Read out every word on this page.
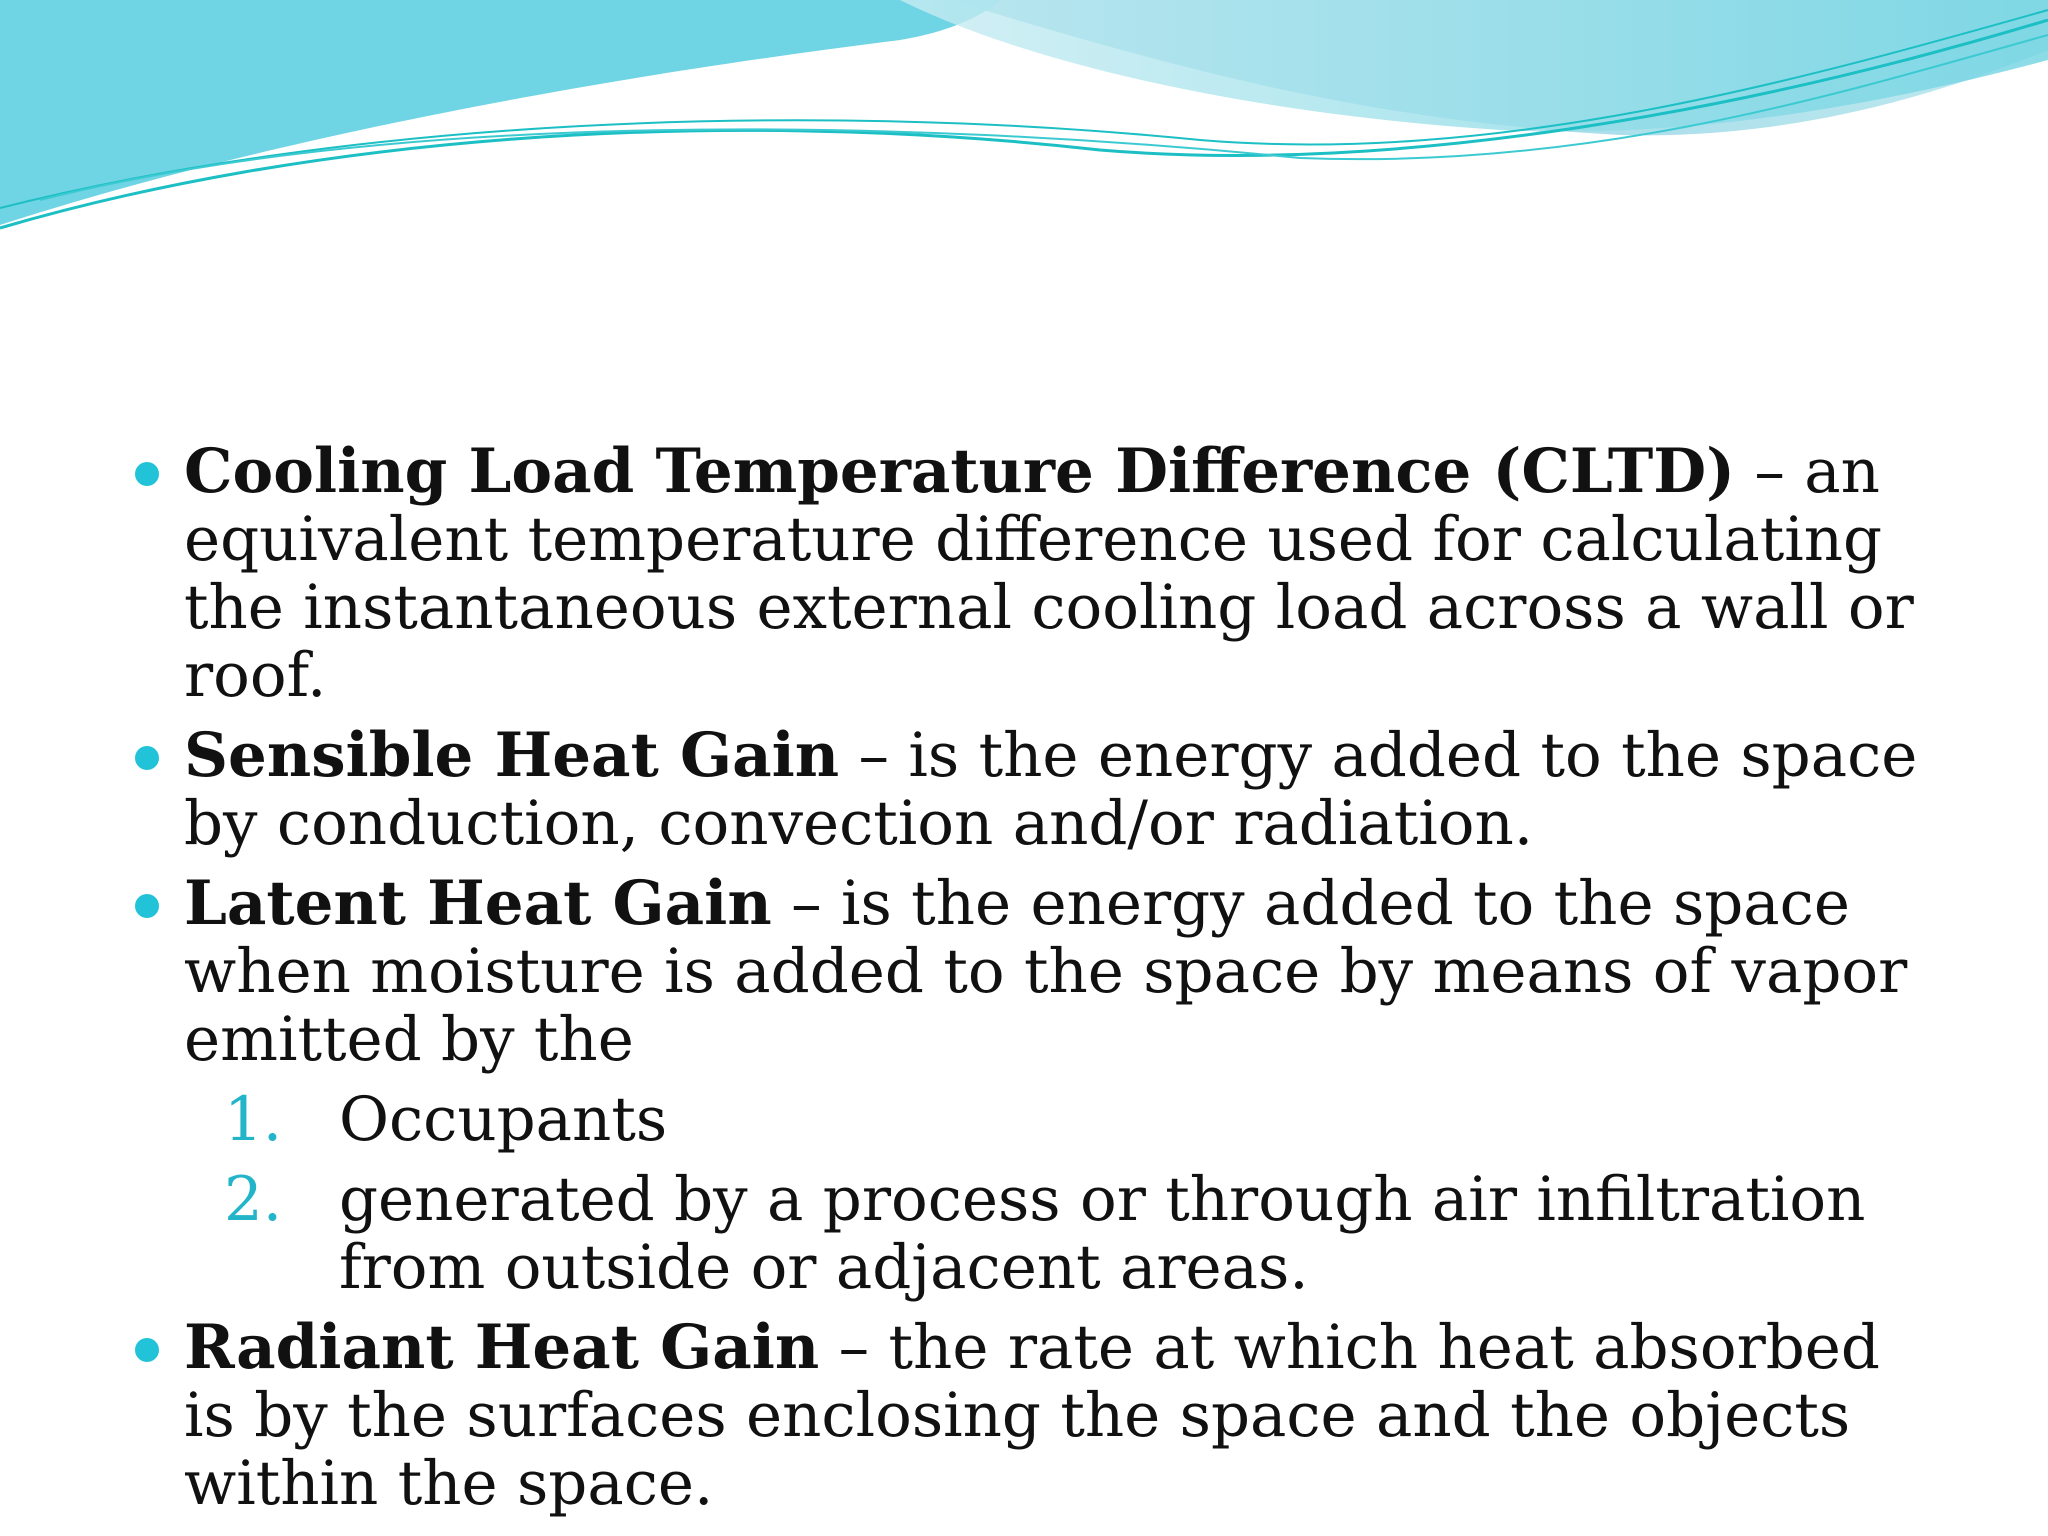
Cooling Load Temperature Difference (CLTD) – an equivalent temperature difference used for calculating the instantaneous external cooling load across a wall or roof.
Sensible Heat Gain – is the energy added to the space by conduction, convection and/or radiation.
Latent Heat Gain – is the energy added to the space when moisture is added to the space by means of vapor emitted by the
1. Occupants
2. generated by a process or through air infiltration from outside or adjacent areas.
Radiant Heat Gain – the rate at which heat absorbed is by the surfaces enclosing the space and the objects within the space.
